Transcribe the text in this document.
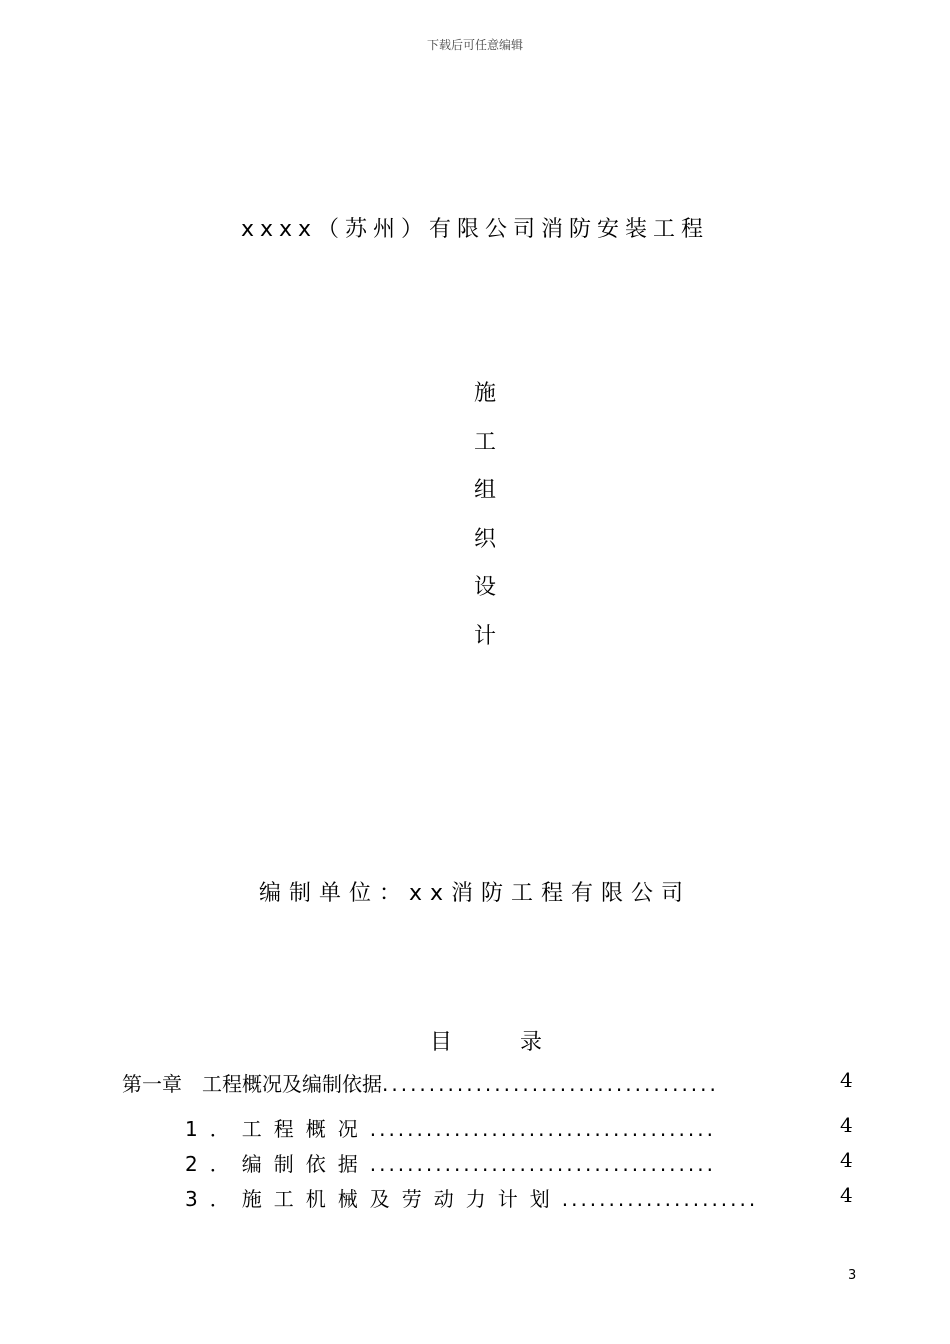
下载后可任意编辑
xxxx（苏州）有限公司消防安装工程
施
工
组
织
设
计
编制单位：xx消防工程有限公司
目	录
第一章　工程概况及编制依据....................................	4
1．工程概况.....................................	4
2．编制依据.....................................	4
3．施工机械及劳动力计划.....................	4
3
